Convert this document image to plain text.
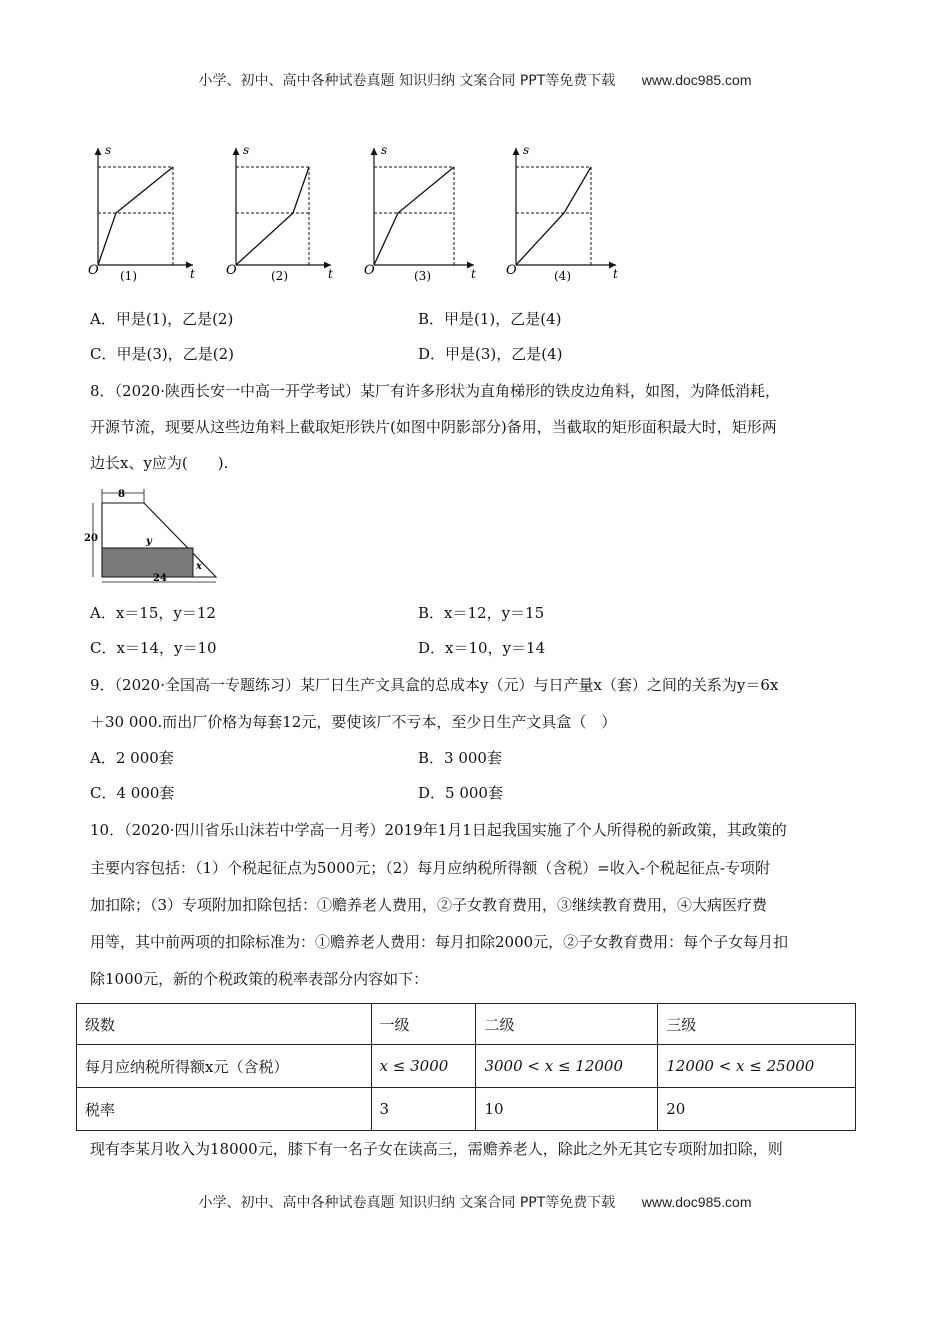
小学、初中、高中各种试卷真题 知识归纳 文案合同 PPT等免费下载 www.doc985.com
s
O	t
(1)
s
O	t
(2)
s
O	t
(3)
s
O	t
(4)
A．甲是(1)，乙是(2)	B．甲是(1)，乙是(4)
C．甲是(3)，乙是(2)	D．甲是(3)，乙是(4)
8．（2020·陕西长安一中高一开学考试）某厂有许多形状为直角梯形的铁皮边角料，如图，为降低消耗，
开源节流，现要从这些边角料上截取矩形铁片(如图中阴影部分)备用，当截取的矩形面积最大时，矩形两
边长x、y应为(　　).
8
20
24
y
x
A．x＝15，y＝12	B．x＝12，y＝15
C．x＝14，y＝10	D．x＝10，y＝14
9．（2020·全国高一专题练习）某厂日生产文具盒的总成本y（元）与日产量x（套）之间的关系为y＝6x
＋30 000.而出厂价格为每套12元，要使该厂不亏本，至少日生产文具盒（　）
A．2 000套	B．3 000套
C．4 000套	D．5 000套
10．（2020·四川省乐山沫若中学高一月考）2019年1月1日起我国实施了个人所得税的新政策，其政策的
主要内容包括：（1）个税起征点为5000元；（2）每月应纳税所得额（含税）=收入-个税起征点-专项附
加扣除；（3）专项附加扣除包括：①赡养老人费用，②子女教育费用，③继续教育费用，④大病医疗费
用等，其中前两项的扣除标准为：①赡养老人费用：每月扣除2000元，②子女教育费用：每个子女每月扣
除1000元，新的个税政策的税率表部分内容如下：
级数	一级	二级	三级
每月应纳税所得额x元（含税）	x ≤ 3000	3000 < x ≤ 12000	12000 < x ≤ 25000
税率	3	10	20
现有李某月收入为18000元，膝下有一名子女在读高三，需赡养老人，除此之外无其它专项附加扣除，则
小学、初中、高中各种试卷真题 知识归纳 文案合同 PPT等免费下载 www.doc985.com
